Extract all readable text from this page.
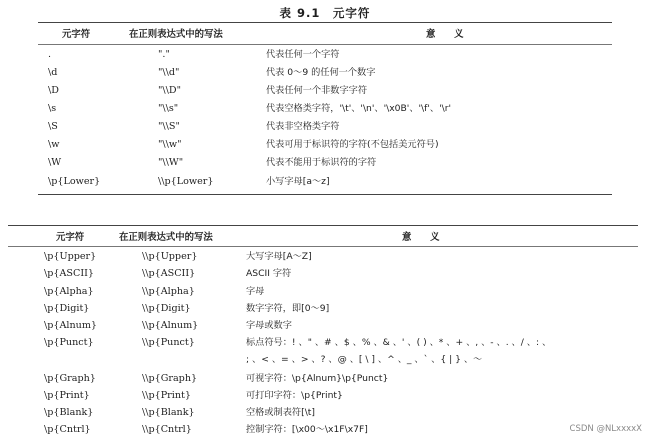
表 9.1　元字符
元字符	在正则表达式中的写法	意　　义
.	"."	代表任何一个字符
\d	"\\d"	代表 0～9 的任何一个数字
\D	"\\D"	代表任何一个非数字字符
\s	"\\s"	代表空格类字符，'\t'、'\n'、'\x0B'、'\f'、'\r'
\S	"\\S"	代表非空格类字符
\w	"\\w"	代表可用于标识符的字符(不包括美元符号)
\W	"\\W"	代表不能用于标识符的字符
\p{Lower}	\\p{Lower}	小写字母[a～z]
元字符	在正则表达式中的写法	意　　义
\p{Upper}	\\p{Upper}	大写字母[A～Z]
\p{ASCII}	\\p{ASCII}	ASCII 字符
\p{Alpha}	\\p{Alpha}	字母
\p{Digit}	\\p{Digit}	数字字符，即[0～9]
\p{Alnum}	\\p{Alnum}	字母或数字
\p{Punct}	\\p{Punct}	标点符号：! 、" 、# 、$ 、% 、& 、' 、( ) 、* 、+ 、, 、- 、. 、/ 、: 、
; 、< 、= 、> 、? 、@ 、[ \ ] 、^ 、_ 、` 、{ | } 、～
\p{Graph}	\\p{Graph}	可视字符：\p{Alnum}\p{Punct}
\p{Print}	\\p{Print}	可打印字符：\p{Print}
\p{Blank}	\\p{Blank}	空格或制表符[\t]
\p{Cntrl}	\\p{Cntrl}	控制字符：[\x00～\x1F\x7F]	CSDN @NLxxxxX
